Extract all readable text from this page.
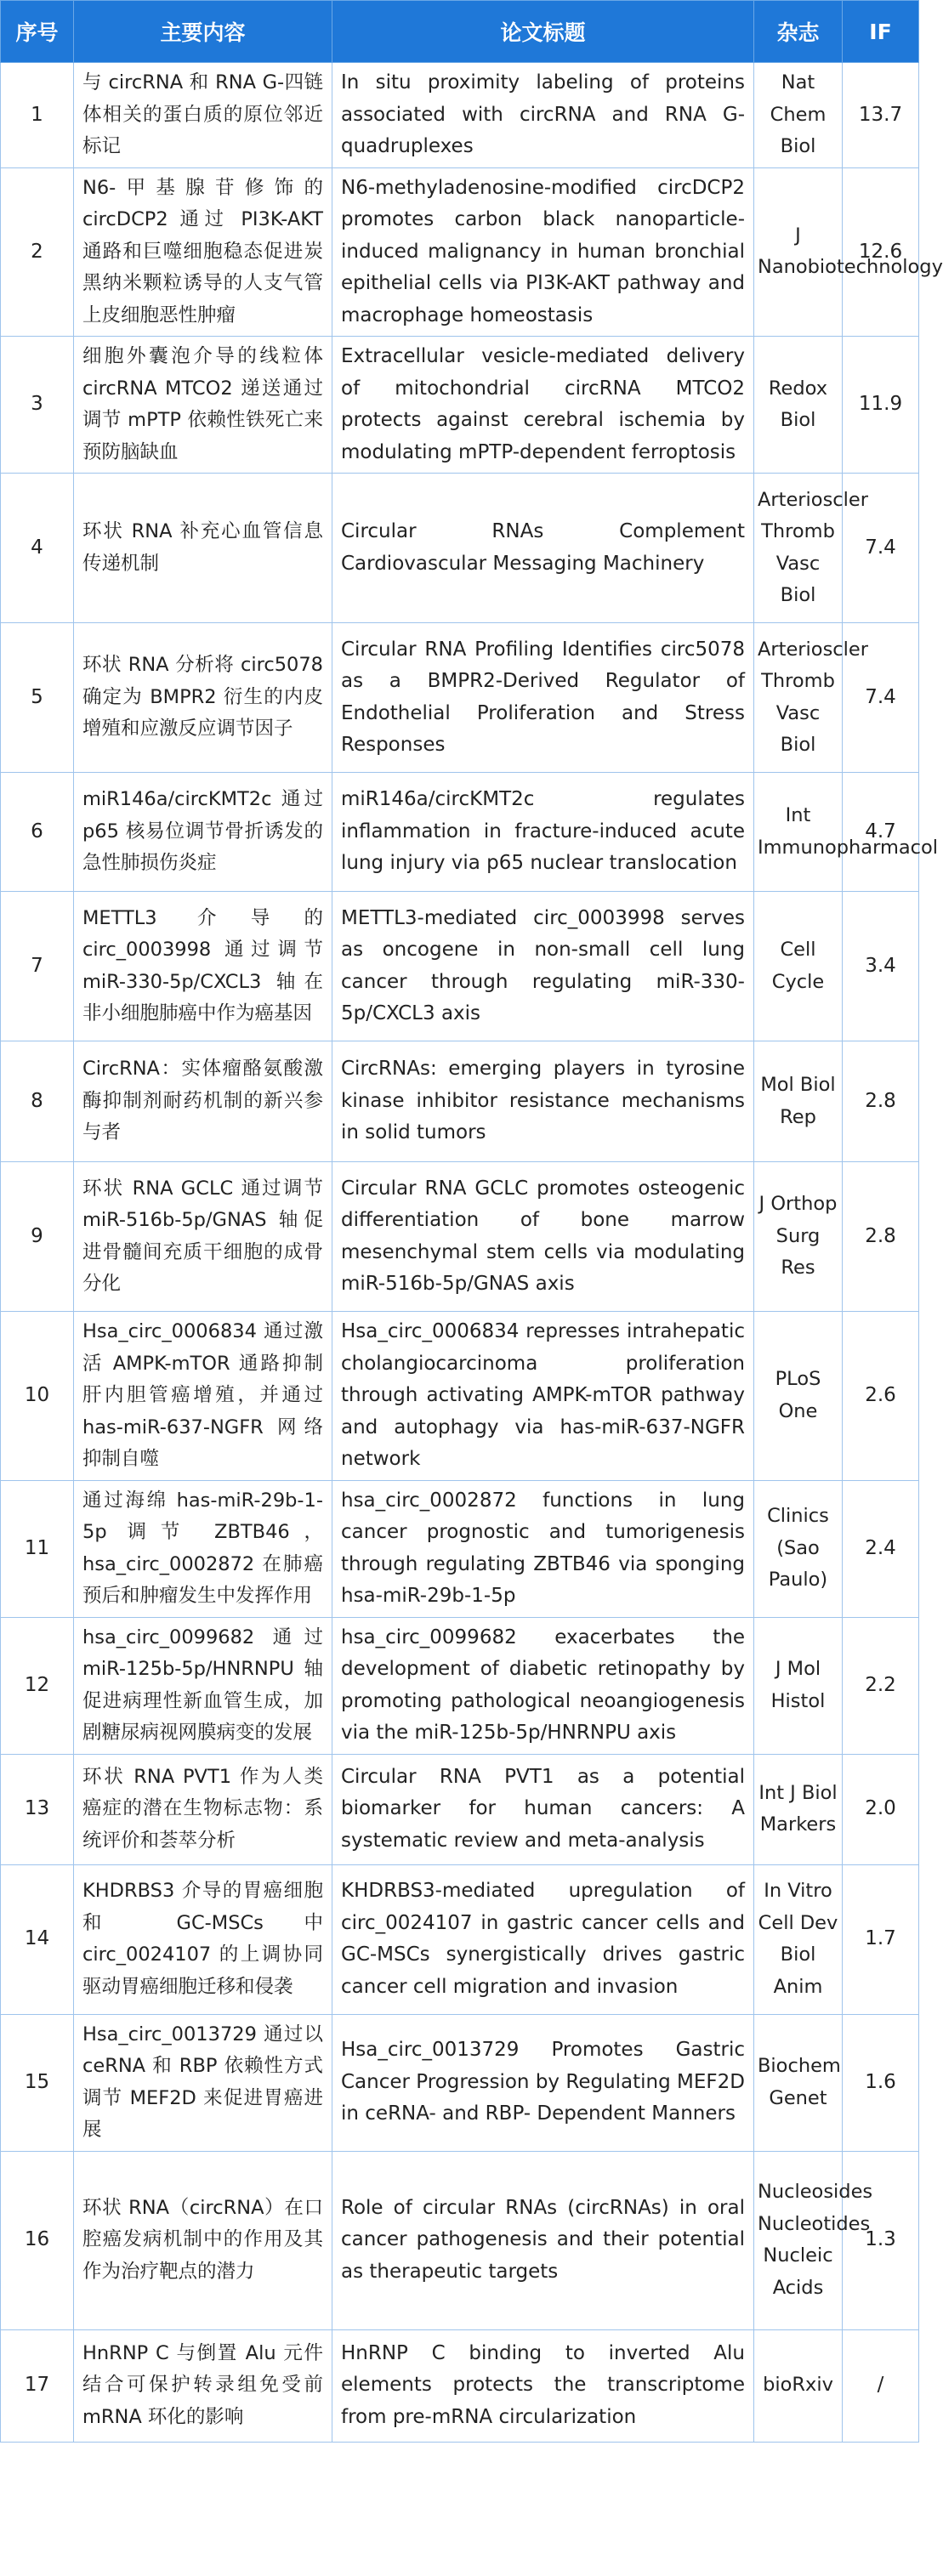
序号	主要内容	论文标题	杂志	IF
1	与 circRNA 和 RNA G-四链体相关的蛋白质的原位邻近标记	In situ proximity labeling of proteins associated with circRNA and RNA G-quadruplexes	Nat Chem Biol	13.7
2	N6-甲基腺苷修饰的 circDCP2 通过 PI3K-AKT 通路和巨噬细胞稳态促进炭黑纳米颗粒诱导的人支气管上皮细胞恶性肿瘤	N6-methyladenosine-modified circDCP2 promotes carbon black nanoparticle-induced malignancy in human bronchial epithelial cells via PI3K-AKT pathway and macrophage homeostasis	J Nanobiotechnology	12.6
3	细胞外囊泡介导的线粒体 circRNA MTCO2 递送通过调节 mPTP 依赖性铁死亡来预防脑缺血	Extracellular vesicle-mediated delivery of mitochondrial circRNA MTCO2 protects against cerebral ischemia by modulating mPTP-dependent ferroptosis	Redox Biol	11.9
4	环状 RNA 补充心血管信息传递机制	Circular RNAs Complement Cardiovascular Messaging Machinery	Arterioscler Thromb Vasc Biol	7.4
5	环状 RNA 分析将 circ5078 确定为 BMPR2 衍生的内皮增殖和应激反应调节因子	Circular RNA Profiling Identifies circ5078 as a BMPR2-Derived Regulator of Endothelial Proliferation and Stress Responses	Arterioscler Thromb Vasc Biol	7.4
6	miR146a/circKMT2c 通过 p65 核易位调节骨折诱发的急性肺损伤炎症	miR146a/circKMT2c regulates inflammation in fracture-induced acute lung injury via p65 nuclear translocation	Int Immunopharmacol	4.7
7	METTL3 介导的 circ_0003998 通过调节 miR-330-5p/CXCL3 轴在非小细胞肺癌中作为癌基因	METTL3-mediated circ_0003998 serves as oncogene in non-small cell lung cancer through regulating miR-330-5p/CXCL3 axis	Cell Cycle	3.4
8	CircRNA：实体瘤酪氨酸激酶抑制剂耐药机制的新兴参与者	CircRNAs: emerging players in tyrosine kinase inhibitor resistance mechanisms in solid tumors	Mol Biol Rep	2.8
9	环状 RNA GCLC 通过调节 miR-516b-5p/GNAS 轴促进骨髓间充质干细胞的成骨分化	Circular RNA GCLC promotes osteogenic differentiation of bone marrow mesenchymal stem cells via modulating miR-516b-5p/GNAS axis	J Orthop Surg Res	2.8
10	Hsa_circ_0006834 通过激活 AMPK-mTOR 通路抑制肝内胆管癌增殖，并通过 has-miR-637-NGFR 网络抑制自噬	Hsa_circ_0006834 represses intrahepatic cholangiocarcinoma proliferation through activating AMPK-mTOR pathway and autophagy via has-miR-637-NGFR network	PLoS One	2.6
11	通过海绵 has-miR-29b-1-5p 调节 ZBTB46，hsa_circ_0002872 在肺癌预后和肿瘤发生中发挥作用	hsa_circ_0002872 functions in lung cancer prognostic and tumorigenesis through regulating ZBTB46 via sponging hsa-miR-29b-1-5p	Clinics (Sao Paulo)	2.4
12	hsa_circ_0099682 通过 miR-125b-5p/HNRNPU 轴促进病理性新血管生成，加剧糖尿病视网膜病变的发展	hsa_circ_0099682 exacerbates the development of diabetic retinopathy by promoting pathological neoangiogenesis via the miR-125b-5p/HNRNPU axis	J Mol Histol	2.2
13	环状 RNA PVT1 作为人类癌症的潜在生物标志物：系统评价和荟萃分析	Circular RNA PVT1 as a potential biomarker for human cancers: A systematic review and meta-analysis	Int J Biol Markers	2.0
14	KHDRBS3 介导的胃癌细胞和 GC-MSCs 中 circ_0024107 的上调协同驱动胃癌细胞迁移和侵袭	KHDRBS3-mediated upregulation of circ_0024107 in gastric cancer cells and GC-MSCs synergistically drives gastric cancer cell migration and invasion	In Vitro Cell Dev Biol Anim	1.7
15	Hsa_circ_0013729 通过以 ceRNA 和 RBP 依赖性方式调节 MEF2D 来促进胃癌进展	Hsa_circ_0013729 Promotes Gastric Cancer Progression by Regulating MEF2D in ceRNA- and RBP- Dependent Manners	Biochem Genet	1.6
16	环状 RNA（circRNA）在口腔癌发病机制中的作用及其作为治疗靶点的潜力	Role of circular RNAs (circRNAs) in oral cancer pathogenesis and their potential as therapeutic targets	Nucleosides Nucleotides Nucleic Acids	1.3
17	HnRNP C 与倒置 Alu 元件结合可保护转录组免受前 mRNA 环化的影响	HnRNP C binding to inverted Alu elements protects the transcriptome from pre-mRNA circularization	bioRxiv	/
